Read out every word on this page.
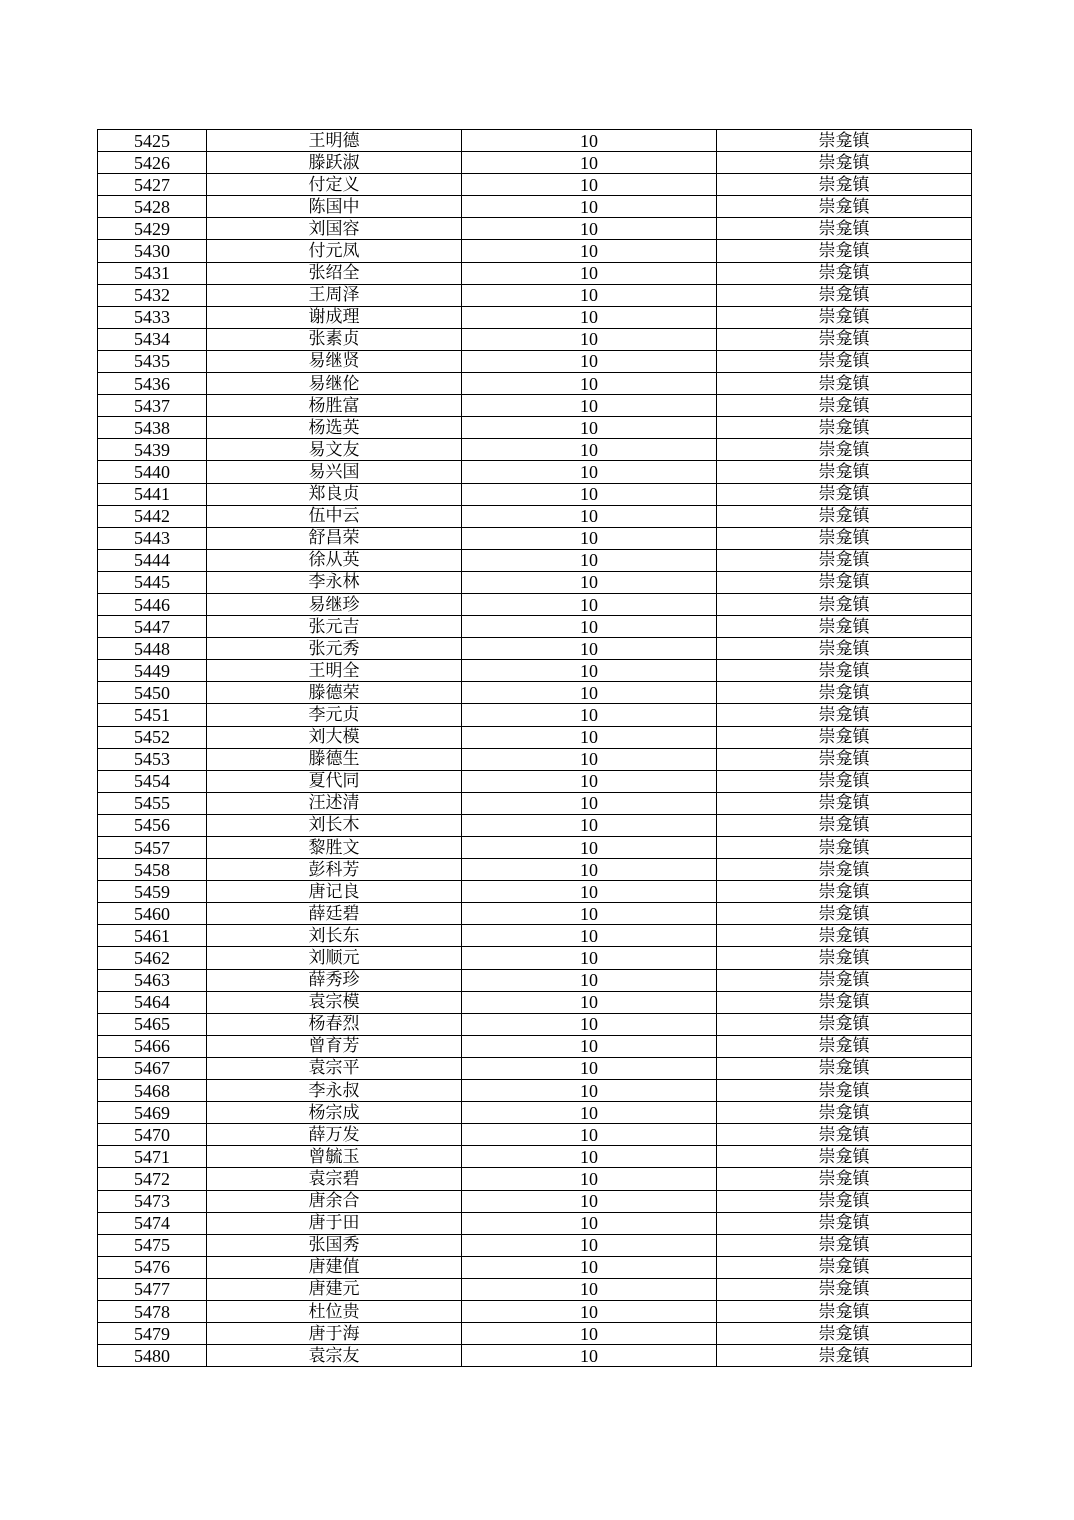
5425	王明德	10	崇龛镇
5426	滕跃淑	10	崇龛镇
5427	付定义	10	崇龛镇
5428	陈国中	10	崇龛镇
5429	刘国容	10	崇龛镇
5430	付元凤	10	崇龛镇
5431	张绍全	10	崇龛镇
5432	王周泽	10	崇龛镇
5433	谢成理	10	崇龛镇
5434	张素贞	10	崇龛镇
5435	易继贤	10	崇龛镇
5436	易继伦	10	崇龛镇
5437	杨胜富	10	崇龛镇
5438	杨选英	10	崇龛镇
5439	易文友	10	崇龛镇
5440	易兴国	10	崇龛镇
5441	郑良贞	10	崇龛镇
5442	伍中云	10	崇龛镇
5443	舒昌荣	10	崇龛镇
5444	徐从英	10	崇龛镇
5445	李永林	10	崇龛镇
5446	易继珍	10	崇龛镇
5447	张元吉	10	崇龛镇
5448	张元秀	10	崇龛镇
5449	王明全	10	崇龛镇
5450	滕德荣	10	崇龛镇
5451	李元贞	10	崇龛镇
5452	刘大模	10	崇龛镇
5453	滕德生	10	崇龛镇
5454	夏代同	10	崇龛镇
5455	汪述清	10	崇龛镇
5456	刘长木	10	崇龛镇
5457	黎胜文	10	崇龛镇
5458	彭科芳	10	崇龛镇
5459	唐记良	10	崇龛镇
5460	薛廷碧	10	崇龛镇
5461	刘长东	10	崇龛镇
5462	刘顺元	10	崇龛镇
5463	薛秀珍	10	崇龛镇
5464	袁宗模	10	崇龛镇
5465	杨春烈	10	崇龛镇
5466	曾育芳	10	崇龛镇
5467	袁宗平	10	崇龛镇
5468	李永叔	10	崇龛镇
5469	杨宗成	10	崇龛镇
5470	薛万发	10	崇龛镇
5471	曾毓玉	10	崇龛镇
5472	袁宗碧	10	崇龛镇
5473	唐余合	10	崇龛镇
5474	唐于田	10	崇龛镇
5475	张国秀	10	崇龛镇
5476	唐建值	10	崇龛镇
5477	唐建元	10	崇龛镇
5478	杜位贵	10	崇龛镇
5479	唐于海	10	崇龛镇
5480	袁宗友	10	崇龛镇
